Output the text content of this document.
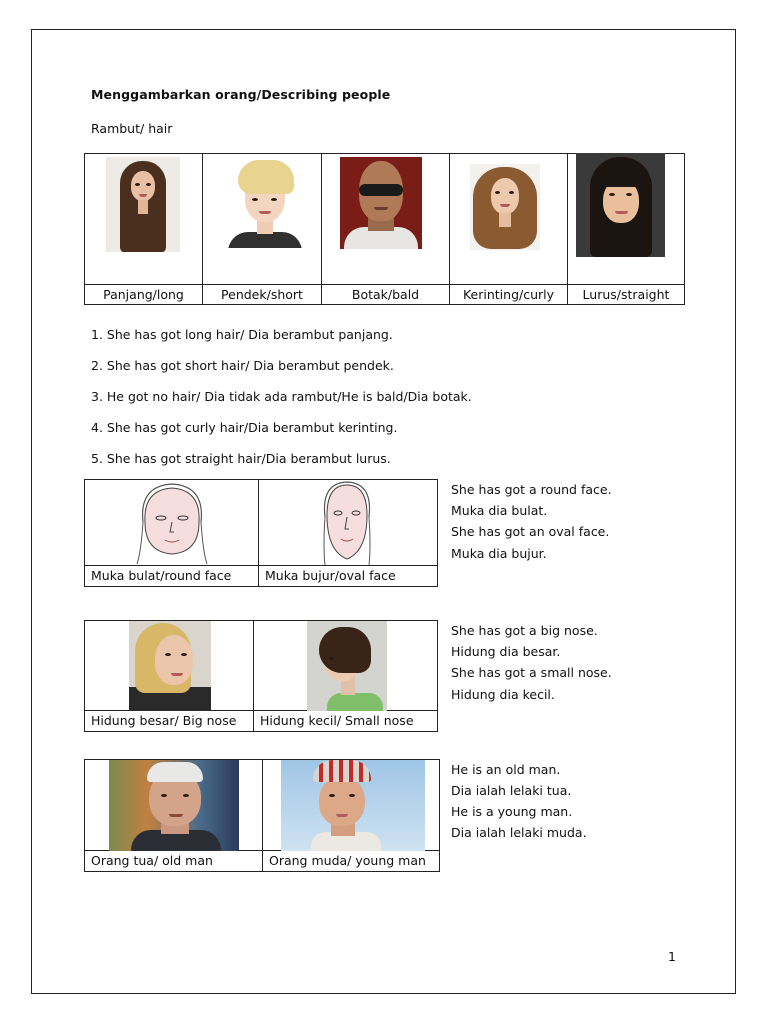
Menggambarkan orang/Describing people
Rambut/ hair

Panjang/long	Pendek/short	Botak/bald	Kerinting/curly	Lurus/straight
1. She has got long hair/ Dia berambut panjang.
2. She has got short hair/ Dia berambut pendek.
3. He got no hair/ Dia tidak ada rambut/He is bald/Dia botak.
4. She has got curly hair/Dia berambut kerinting.
5. She has got straight hair/Dia berambut lurus.

Muka bulat/round face	Muka bujur/oval face
She has got a round face.
Muka dia bulat.
She has got an oval face.
Muka dia bujur.

Hidung besar/ Big nose	Hidung kecil/ Small nose
She has got a big nose.
Hidung dia besar.
She has got a small nose.
Hidung dia kecil.

Orang tua/ old man	Orang muda/ young man
He is an old man.
Dia ialah lelaki tua.
He is a young man.
Dia ialah lelaki muda.
1
